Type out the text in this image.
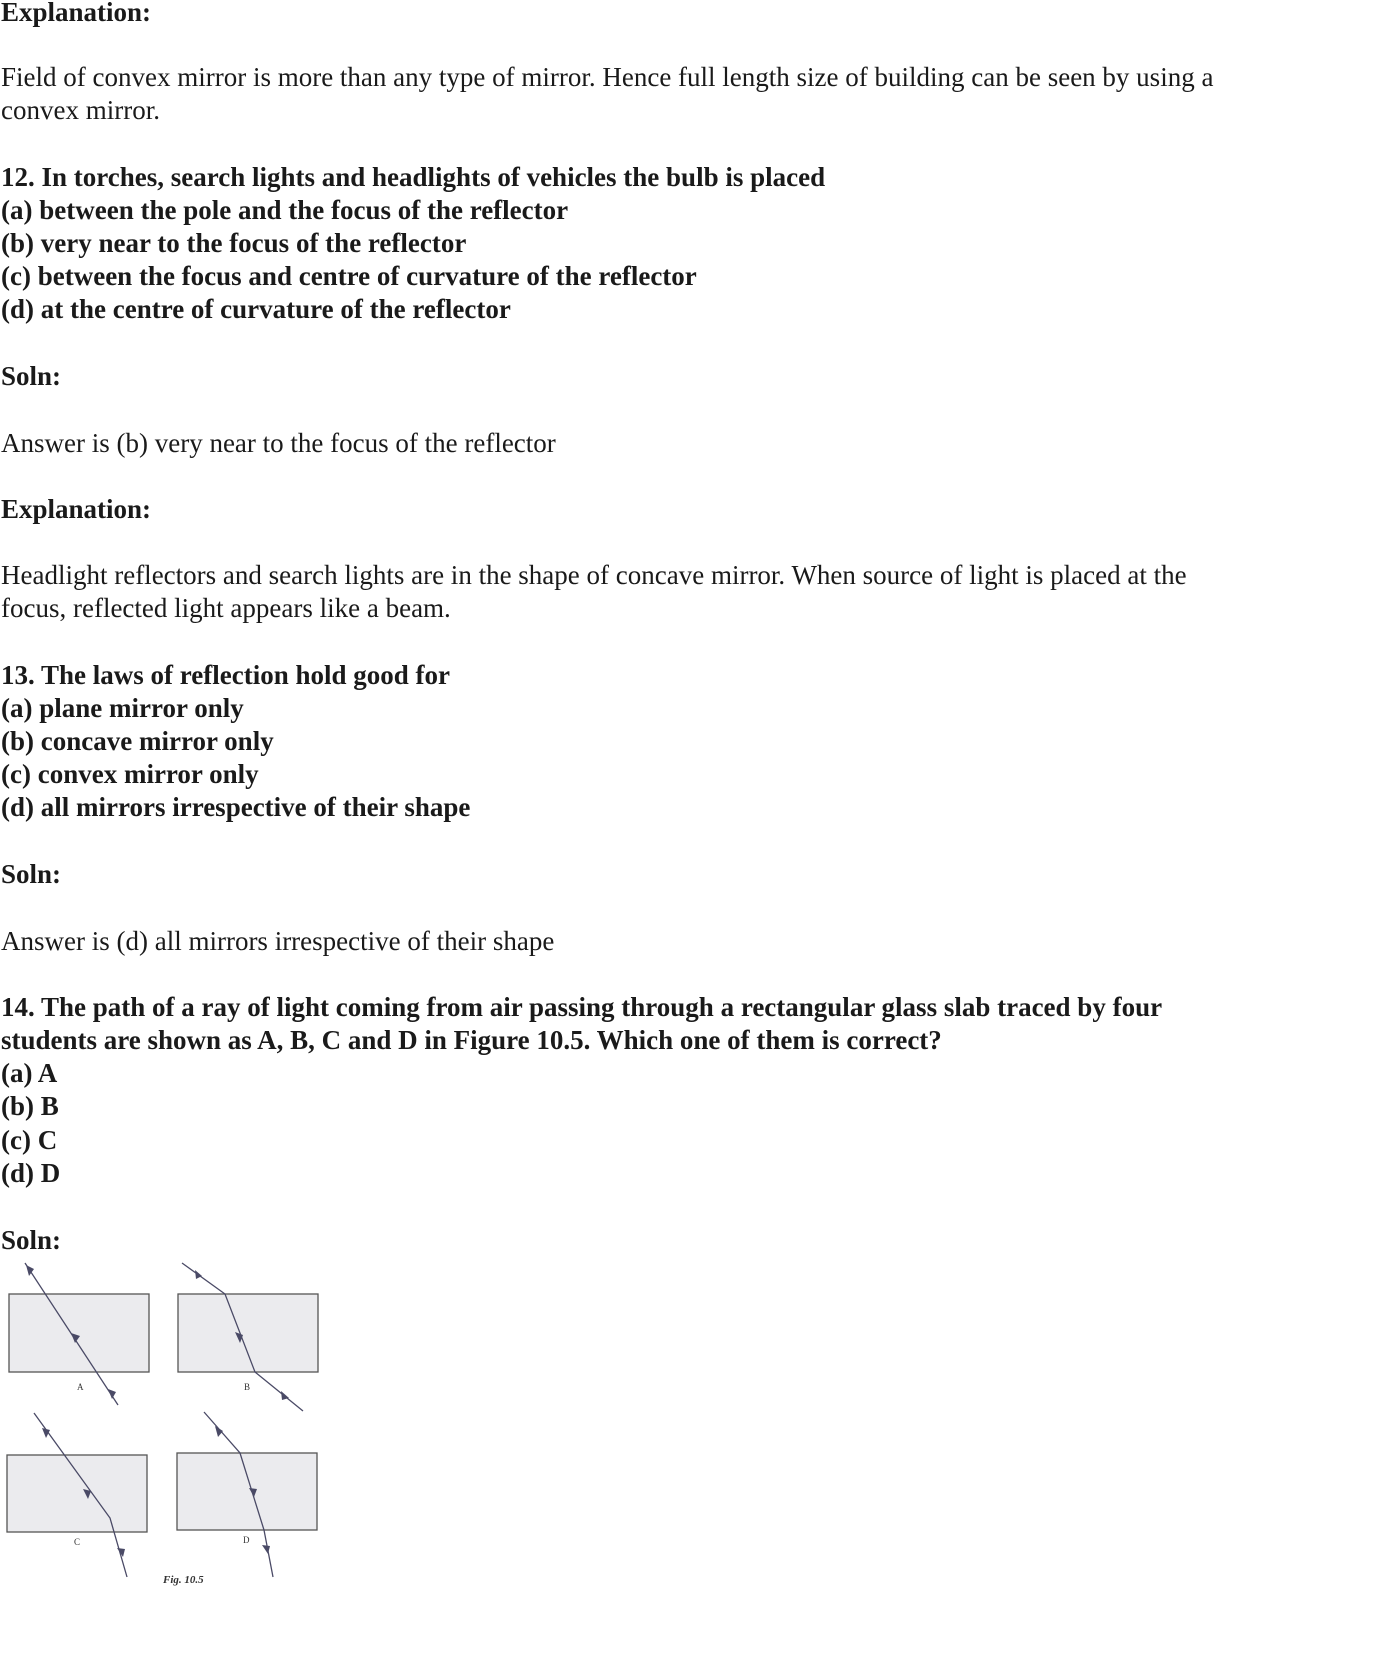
Explanation:
Field of convex mirror is more than any type of mirror. Hence full length size of building can be seen by using a
convex mirror.
12. In torches, search lights and headlights of vehicles the bulb is placed
(a) between the pole and the focus of the reflector
(b) very near to the focus of the reflector
(c) between the focus and centre of curvature of the reflector
(d) at the centre of curvature of the reflector
Soln:
Answer is (b) very near to the focus of the reflector
Explanation:
Headlight reflectors and search lights are in the shape of concave mirror. When source of light is placed at the
focus, reflected light appears like a beam.
13. The laws of reflection hold good for
(a) plane mirror only
(b) concave mirror only
(c) convex mirror only
(d) all mirrors irrespective of their shape
Soln:
Answer is (d) all mirrors irrespective of their shape
14. The path of a ray of light coming from air passing through a rectangular glass slab traced by four
students are shown as A, B, C and D in Figure 10.5. Which one of them is correct?
(a) A
(b) B
(c) C
(d) D
Soln:
A	B
C	D
Fig. 10.5
